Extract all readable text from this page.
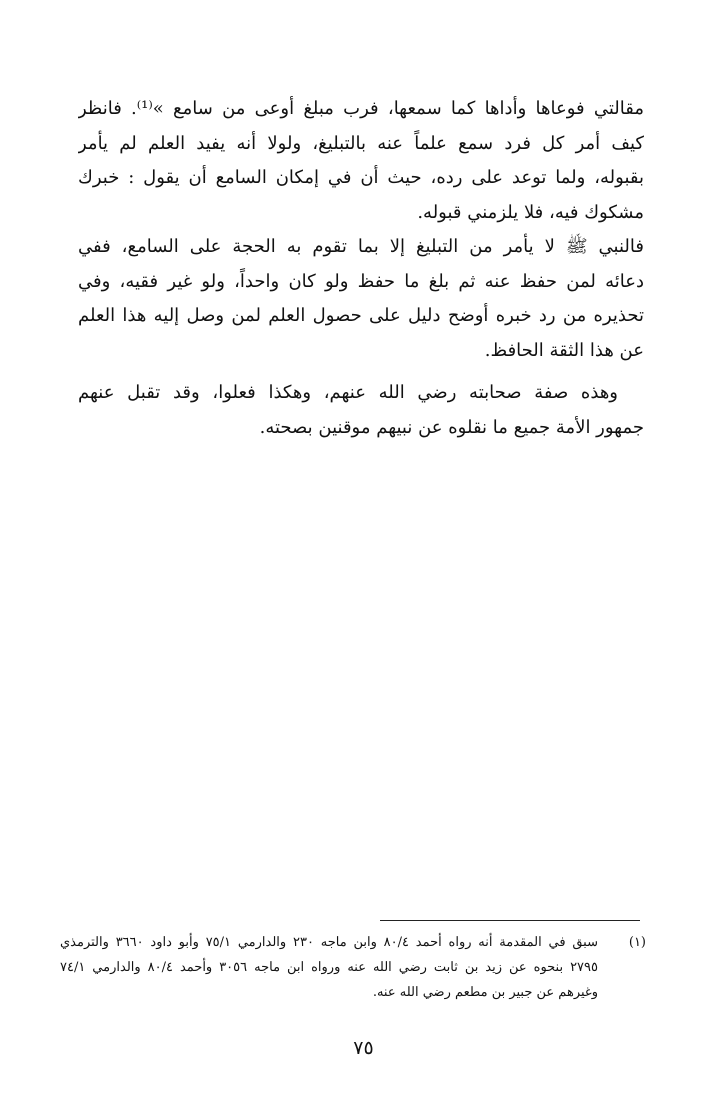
مقالتي فوعاها وأداها كما سمعها، فرب مبلغ أوعى من سامع »⁽¹⁾. فانظر
كيف أمر كل فرد سمع علماً عنه بالتبليغ، ولولا أنه يفيد العلم لم يأمر
بقبوله، ولما توعد على رده، حيث أن في إمكان السامع أن يقول : خبرك
مشكوك فيه، فلا يلزمني قبوله.
فالنبي ﷺ لا يأمر من التبليغ إلا بما تقوم به الحجة على السامع، ففي
دعائه لمن حفظ عنه ثم بلغ ما حفظ ولو كان واحداً، ولو غير فقيه، وفي
تحذيره من رد خبره أوضح دليل على حصول العلم لمن وصل إليه هذا العلم
عن هذا الثقة الحافظ.
وهذه صفة صحابته رضي الله عنهم، وهكذا فعلوا، وقد تقبل عنهم
جمهور الأمة جميع ما نقلوه عن نبيهم موقنين بصحته.
(١)
سبق في المقدمة أنه رواه أحمد ٨٠/٤ وابن ماجه ٢٣٠ والدارمي ٧٥/١ وأبو داود ٣٦٦٠ والترمذي
٢٧٩٥ بنحوه عن زيد بن ثابت رضي الله عنه ورواه ابن ماجه ٣٠٥٦ وأحمد ٨٠/٤ والدارمي ٧٤/١
وغيرهم عن جبير بن مطعم رضي الله عنه.
٧٥
